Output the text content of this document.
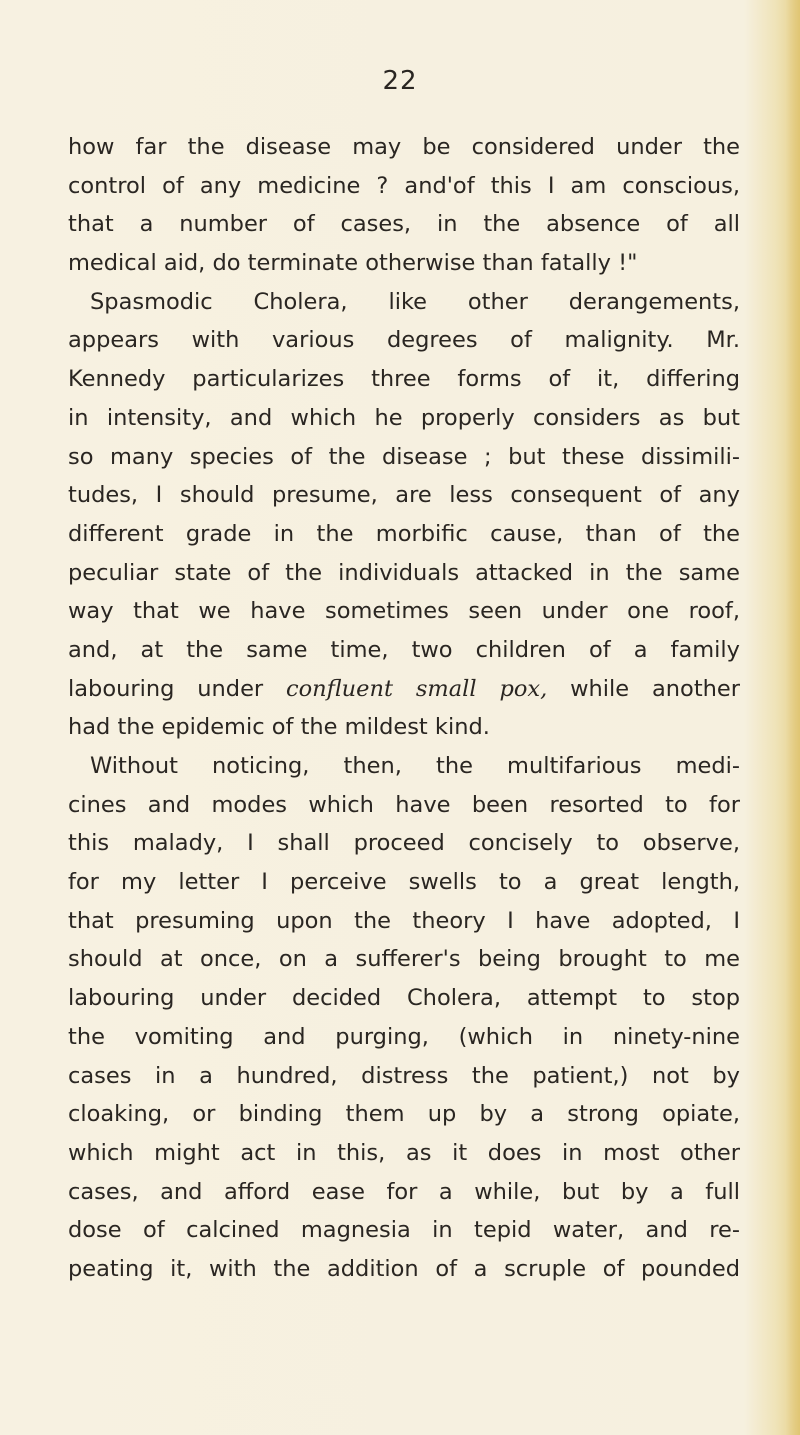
22
how far the disease may be considered under the
control of any medicine ? and'of this I am conscious,
that a number of cases, in the absence of all
medical aid, do terminate otherwise than fatally !"
Spasmodic Cholera, like other derangements,
appears with various degrees of malignity. Mr.
Kennedy particularizes three forms of it, differing
in intensity, and which he properly considers as but
so many species of the disease ; but these dissimili-
tudes, I should presume, are less consequent of any
different grade in the morbific cause, than of the
peculiar state of the individuals attacked in the same
way that we have sometimes seen under one roof,
and, at the same time, two children of a family
labouring under confluent small pox, while another
had the epidemic of the mildest kind.
Without noticing, then, the multifarious medi-
cines and modes which have been resorted to for
this malady, I shall proceed concisely to observe,
for my letter I perceive swells to a great length,
that presuming upon the theory I have adopted, I
should at once, on a sufferer's being brought to me
labouring under decided Cholera, attempt to stop
the vomiting and purging, (which in ninety-nine
cases in a hundred, distress the patient,) not by
cloaking, or binding them up by a strong opiate,
which might act in this, as it does in most other
cases, and afford ease for a while, but by a full
dose of calcined magnesia in tepid water, and re-
peating it, with the addition of a scruple of pounded
